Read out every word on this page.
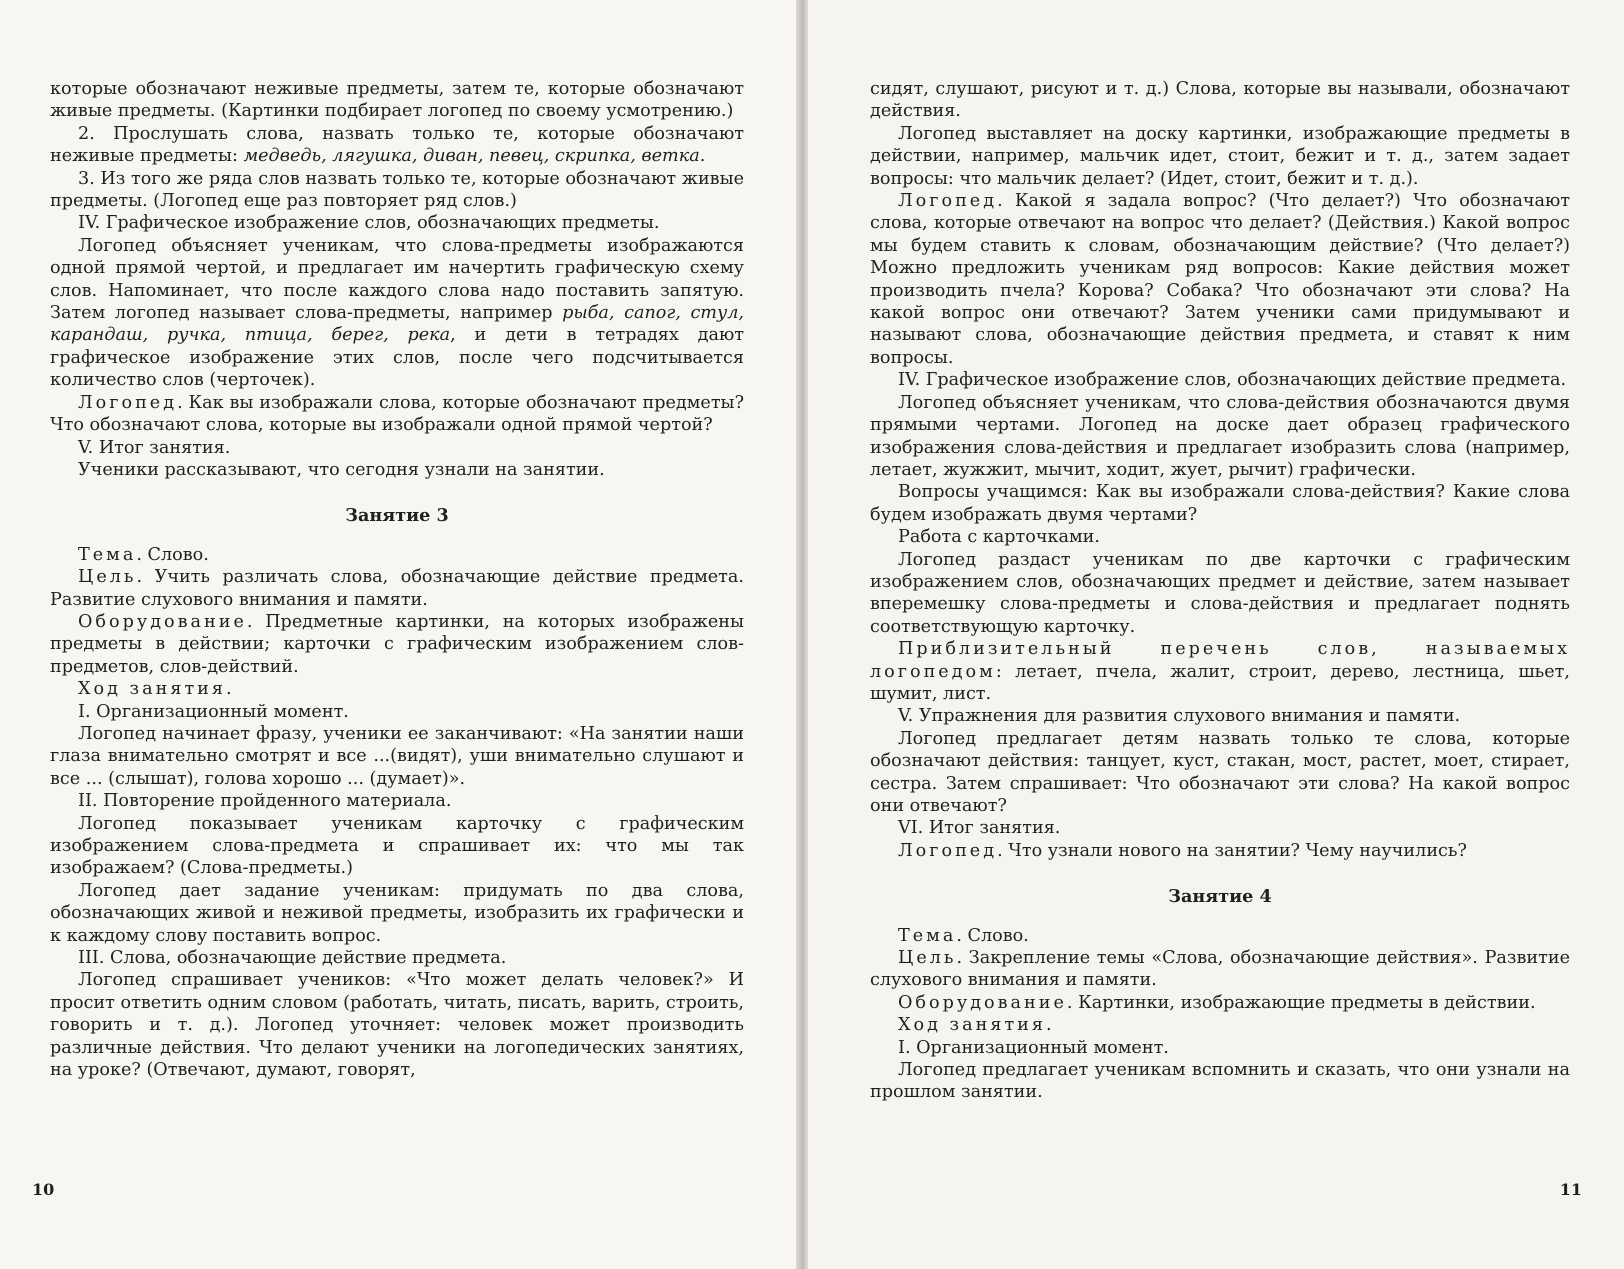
которые обозначают неживые предметы, затем те, которые обозначают живые предметы. (Картинки подбирает логопед по своему усмотрению.)

2. Прослушать слова, назвать только те, которые обозначают неживые предметы: медведь, лягушка, диван, певец, скрипка, ветка.

3. Из того же ряда слов назвать только те, которые обозначают живые предметы. (Логопед еще раз повторяет ряд слов.)

IV. Графическое изображение слов, обозначающих предметы.

Логопед объясняет ученикам, что слова-предметы изображаются одной прямой чертой, и предлагает им начертить графическую схему слов. Напоминает, что после каждого слова надо поставить запятую. Затем логопед называет слова-предметы, например рыба, сапог, стул, карандаш, ручка, птица, берег, река, и дети в тетрадях дают графическое изображение этих слов, после чего подсчитывается количество слов (черточек).

Логопед. Как вы изображали слова, которые обозначают предметы? Что обозначают слова, которые вы изображали одной прямой чертой?

V. Итог занятия.

Ученики рассказывают, что сегодня узнали на занятии.

Занятие 3

Тема. Слово.

Цель. Учить различать слова, обозначающие действие предмета. Развитие слухового внимания и памяти.

Оборудование. Предметные картинки, на которых изображены предметы в действии; карточки с графическим изображением слов-предметов, слов-действий.

Ход занятия.

I. Организационный момент.

Логопед начинает фразу, ученики ее заканчивают: «На занятии наши глаза внимательно смотрят и все ...(видят), уши внимательно слушают и все ... (слышат), голова хорошо ... (думает)».

II. Повторение пройденного материала.

Логопед показывает ученикам карточку с графическим изображением слова-предмета и спрашивает их: что мы так изображаем? (Слова-предметы.)

Логопед дает задание ученикам: придумать по два слова, обозначающих живой и неживой предметы, изобразить их графически и к каждому слову поставить вопрос.

III. Слова, обозначающие действие предмета.

Логопед спрашивает учеников: «Что может делать человек?» И просит ответить одним словом (работать, читать, писать, варить, строить, говорить и т. д.). Логопед уточняет: человек может производить различные действия. Что делают ученики на логопедических занятиях, на уроке? (Отвечают, думают, говорят,

10

сидят, слушают, рисуют и т. д.) Слова, которые вы называли, обозначают действия.

Логопед выставляет на доску картинки, изображающие предметы в действии, например, мальчик идет, стоит, бежит и т. д., затем задает вопросы: что мальчик делает? (Идет, стоит, бежит и т. д.).

Логопед. Какой я задала вопрос? (Что делает?) Что обозначают слова, которые отвечают на вопрос что делает? (Действия.) Какой вопрос мы будем ставить к словам, обозначающим действие? (Что делает?) Можно предложить ученикам ряд вопросов: Какие действия может производить пчела? Корова? Собака? Что обозначают эти слова? На какой вопрос они отвечают? Затем ученики сами придумывают и называют слова, обозначающие действия предмета, и ставят к ним вопросы.

IV. Графическое изображение слов, обозначающих действие предмета.

Логопед объясняет ученикам, что слова-действия обозначаются двумя прямыми чертами. Логопед на доске дает образец графического изображения слова-действия и предлагает изобразить слова (например, летает, жужжит, мычит, ходит, жует, рычит) графически.

Вопросы учащимся: Как вы изображали слова-действия? Какие слова будем изображать двумя чертами?

Работа с карточками.

Логопед раздаст ученикам по две карточки с графическим изображением слов, обозначающих предмет и действие, затем называет вперемешку слова-предметы и слова-действия и предлагает поднять соответствующую карточку.

Приблизительный перечень слов, называемых логопедом: летает, пчела, жалит, строит, дерево, лестница, шьет, шумит, лист.

V. Упражнения для развития слухового внимания и памяти.

Логопед предлагает детям назвать только те слова, которые обозначают действия: танцует, куст, стакан, мост, растет, моет, стирает, сестра. Затем спрашивает: Что обозначают эти слова? На какой вопрос они отвечают?

VI. Итог занятия.

Логопед. Что узнали нового на занятии? Чему научились?

Занятие 4

Тема. Слово.

Цель. Закрепление темы «Слова, обозначающие действия». Развитие слухового внимания и памяти.

Оборудование. Картинки, изображающие предметы в действии.

Ход занятия.

I. Организационный момент.

Логопед предлагает ученикам вспомнить и сказать, что они узнали на прошлом занятии.

11
